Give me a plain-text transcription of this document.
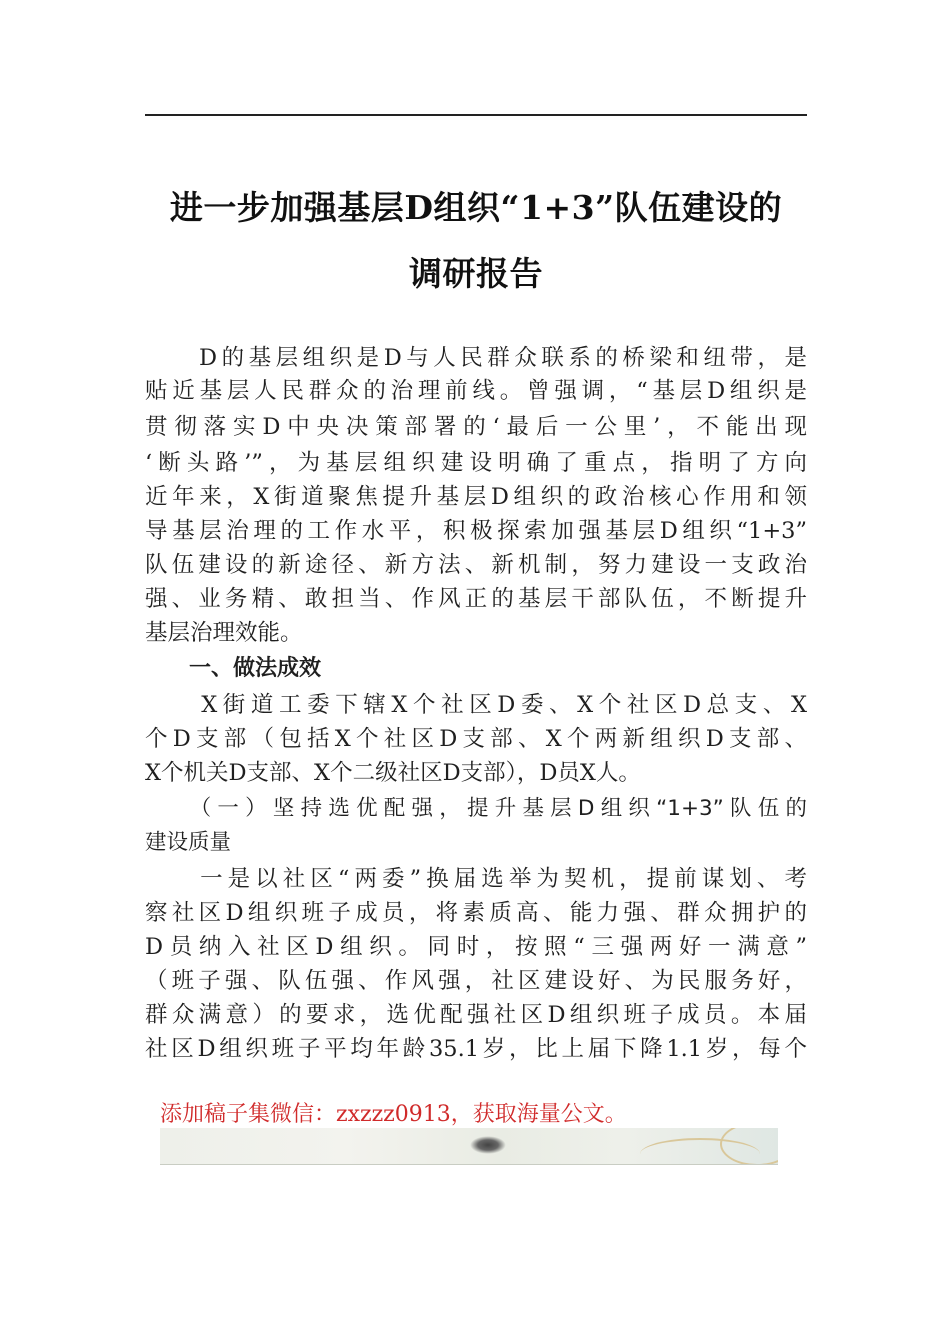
进一步加强基层D组织“1+3”队伍建设的
调研报告
　　D的基层组织是D与人民群众联系的桥梁和纽带，是
贴近基层人民群众的治理前线。曾强调，“基层D组织是
贯彻落实D中央决策部署的‘最后一公里’，不能出现
‘断头路’”，为基层组织建设明确了重点，指明了方向
近年来，X街道聚焦提升基层D组织的政治核心作用和领
导基层治理的工作水平，积极探索加强基层D组织“1+3”
队伍建设的新途径、新方法、新机制，努力建设一支政治
强、业务精、敢担当、作风正的基层干部队伍，不断提升
基层治理效能。
　　一、做法成效
　　X街道工委下辖X个社区D委、X个社区D总支、X
个D支部（包括X个社区D支部、X个两新组织D支部、
X个机关D支部、X个二级社区D支部），D员X人。
　　（一）坚持选优配强，提升基层D组织“1+3”队伍的
建设质量
　　一是以社区“两委”换届选举为契机，提前谋划、考
察社区D组织班子成员，将素质高、能力强、群众拥护的
D员纳入社区D组织。同时，按照“三强两好一满意”
（班子强、队伍强、作风强，社区建设好、为民服务好，
群众满意）的要求，选优配强社区D组织班子成员。本届
社区D组织班子平均年龄35.1岁，比上届下降1.1岁，每个
添加稿子集微信：zxzzz0913，获取海量公文。
